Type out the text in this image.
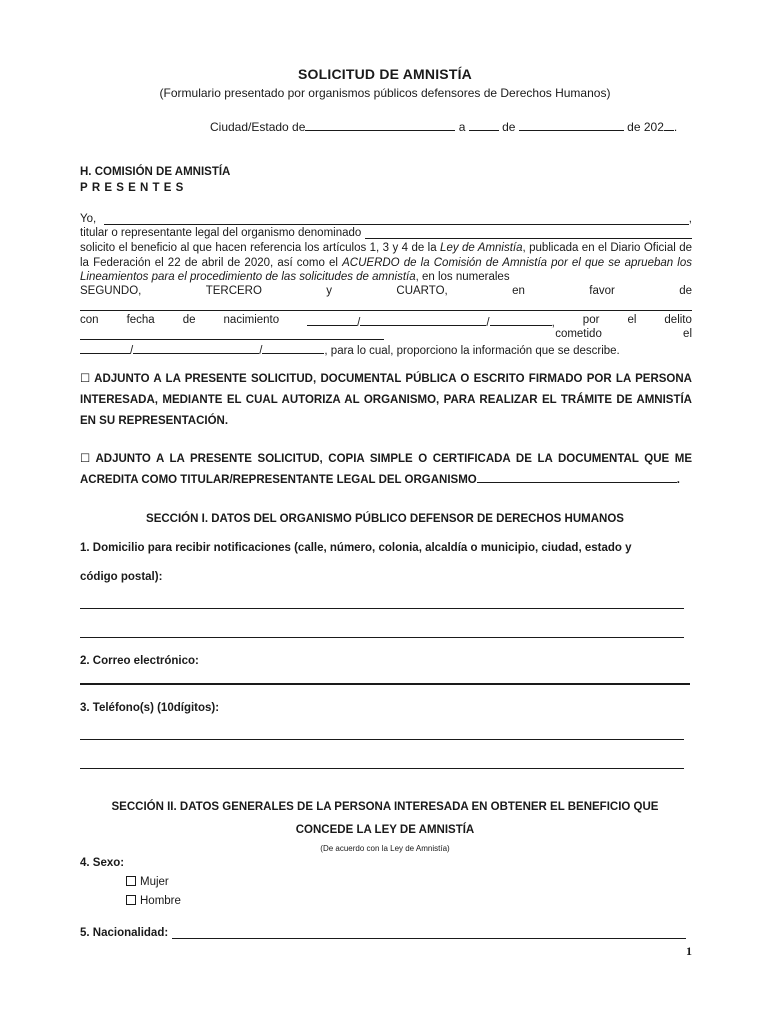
SOLICITUD DE AMNISTÍA
(Formulario presentado por organismos públicos defensores de Derechos Humanos)
Ciudad/Estado de	a	de	de 202 .
H. COMISIÓN DE AMNISTÍA
PRESENTES
Yo,	,
titular o representante legal del organismo denominado
solicito el beneficio al que hacen referencia los artículos 1, 3 y 4 de la Ley de Amnistía, publicada en el Diario Oficial de la Federación el 22 de abril de 2020, así como el ACUERDO de la Comisión de Amnistía por el que se aprueban los Lineamientos para el procedimiento de las solicitudes de amnistía, en los numerales
SEGUNDO,	TERCERO	y	CUARTO,	en	favor	de
con fecha de nacimiento	/	/	, por el delito
cometido	el
/	/	, para lo cual, proporciono la información que se describe.
☐ ADJUNTO A LA PRESENTE SOLICITUD, DOCUMENTAL PÚBLICA O ESCRITO FIRMADO POR LA PERSONA INTERESADA, MEDIANTE EL CUAL AUTORIZA AL ORGANISMO, PARA REALIZAR EL TRÁMITE DE AMNISTÍA EN SU REPRESENTACIÓN.
☐ ADJUNTO A LA PRESENTE SOLICITUD, COPIA SIMPLE O CERTIFICADA DE LA DOCUMENTAL QUE ME ACREDITA COMO TITULAR/REPRESENTANTE LEGAL DEL ORGANISMO	.
SECCIÓN I. DATOS DEL ORGANISMO PÚBLICO DEFENSOR DE DERECHOS HUMANOS
1. Domicilio para recibir notificaciones (calle, número, colonia, alcaldía o municipio, ciudad, estado y
código postal):
2. Correo electrónico:
3. Teléfono(s) (10dígitos):
SECCIÓN II. DATOS GENERALES DE LA PERSONA INTERESADA EN OBTENER EL BENEFICIO QUE
CONCEDE LA LEY DE AMNISTÍA
(De acuerdo con la Ley de Amnistía)
4. Sexo:
Mujer
Hombre
5. Nacionalidad:
1
